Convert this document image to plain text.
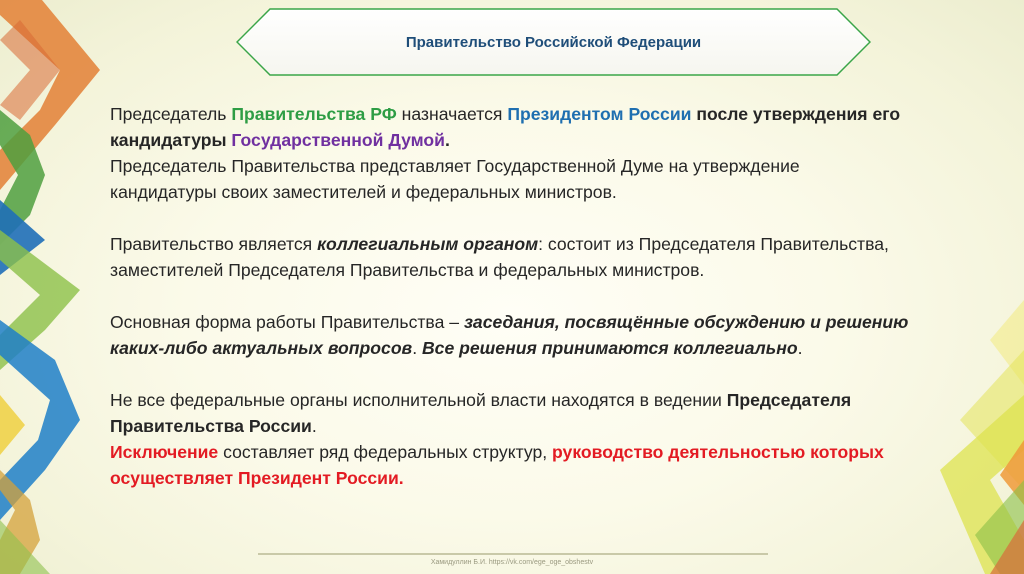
Правительство Российской Федерации

Председатель Правительства РФ назначается Президентом России после утверждения его кандидатуры Государственной Думой.

Председатель Правительства представляет Государственной Думе на утверждение кандидатуры своих заместителей и федеральных министров.

Правительство является коллегиальным органом: состоит из Председателя Правительства, заместителей Председателя Правительства и федеральных министров.

Основная форма работы Правительства – заседания, посвящённые обсуждению и решению каких-либо актуальных вопросов. Все решения принимаются коллегиально.

Не все федеральные органы исполнительной власти находятся в ведении Председателя Правительства России.

Исключение составляет ряд федеральных структур, руководство деятельностью которых осуществляет Президент России.

Хамидуллин Б.И. https://vk.com/ege_oge_obshestv
